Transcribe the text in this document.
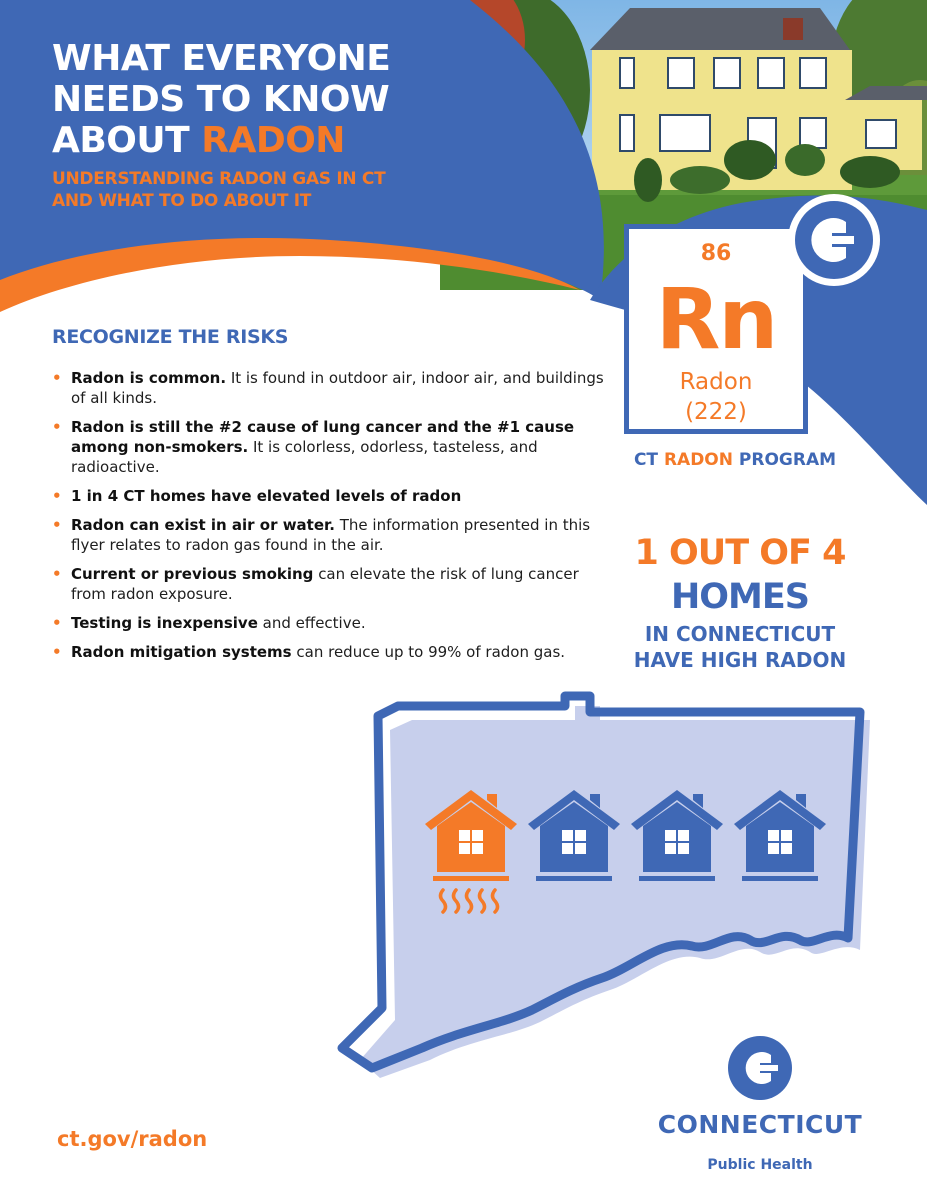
WHAT EVERYONE
NEEDS TO KNOW
ABOUT RADON
UNDERSTANDING RADON GAS IN CT
AND WHAT TO DO ABOUT IT
86
Rn
Radon
(222)
CT RADON PROGRAM
RECOGNIZE THE RISKS
• Radon is common. It is found in outdoor air, indoor air, and buildings of all kinds.
• Radon is still the #2 cause of lung cancer and the #1 cause among non-smokers. It is colorless, odorless, tasteless, and radioactive.
• 1 in 4 CT homes have elevated levels of radon
• Radon can exist in air or water. The information presented in this flyer relates to radon gas found in the air.
• Current or previous smoking can elevate the risk of lung cancer from radon exposure.
• Testing is inexpensive and effective.
• Radon mitigation systems can reduce up to 99% of radon gas.
1 OUT OF 4
HOMES
IN CONNECTICUT
HAVE HIGH RADON
ct.gov/radon	CONNECTICUT
Public Health
